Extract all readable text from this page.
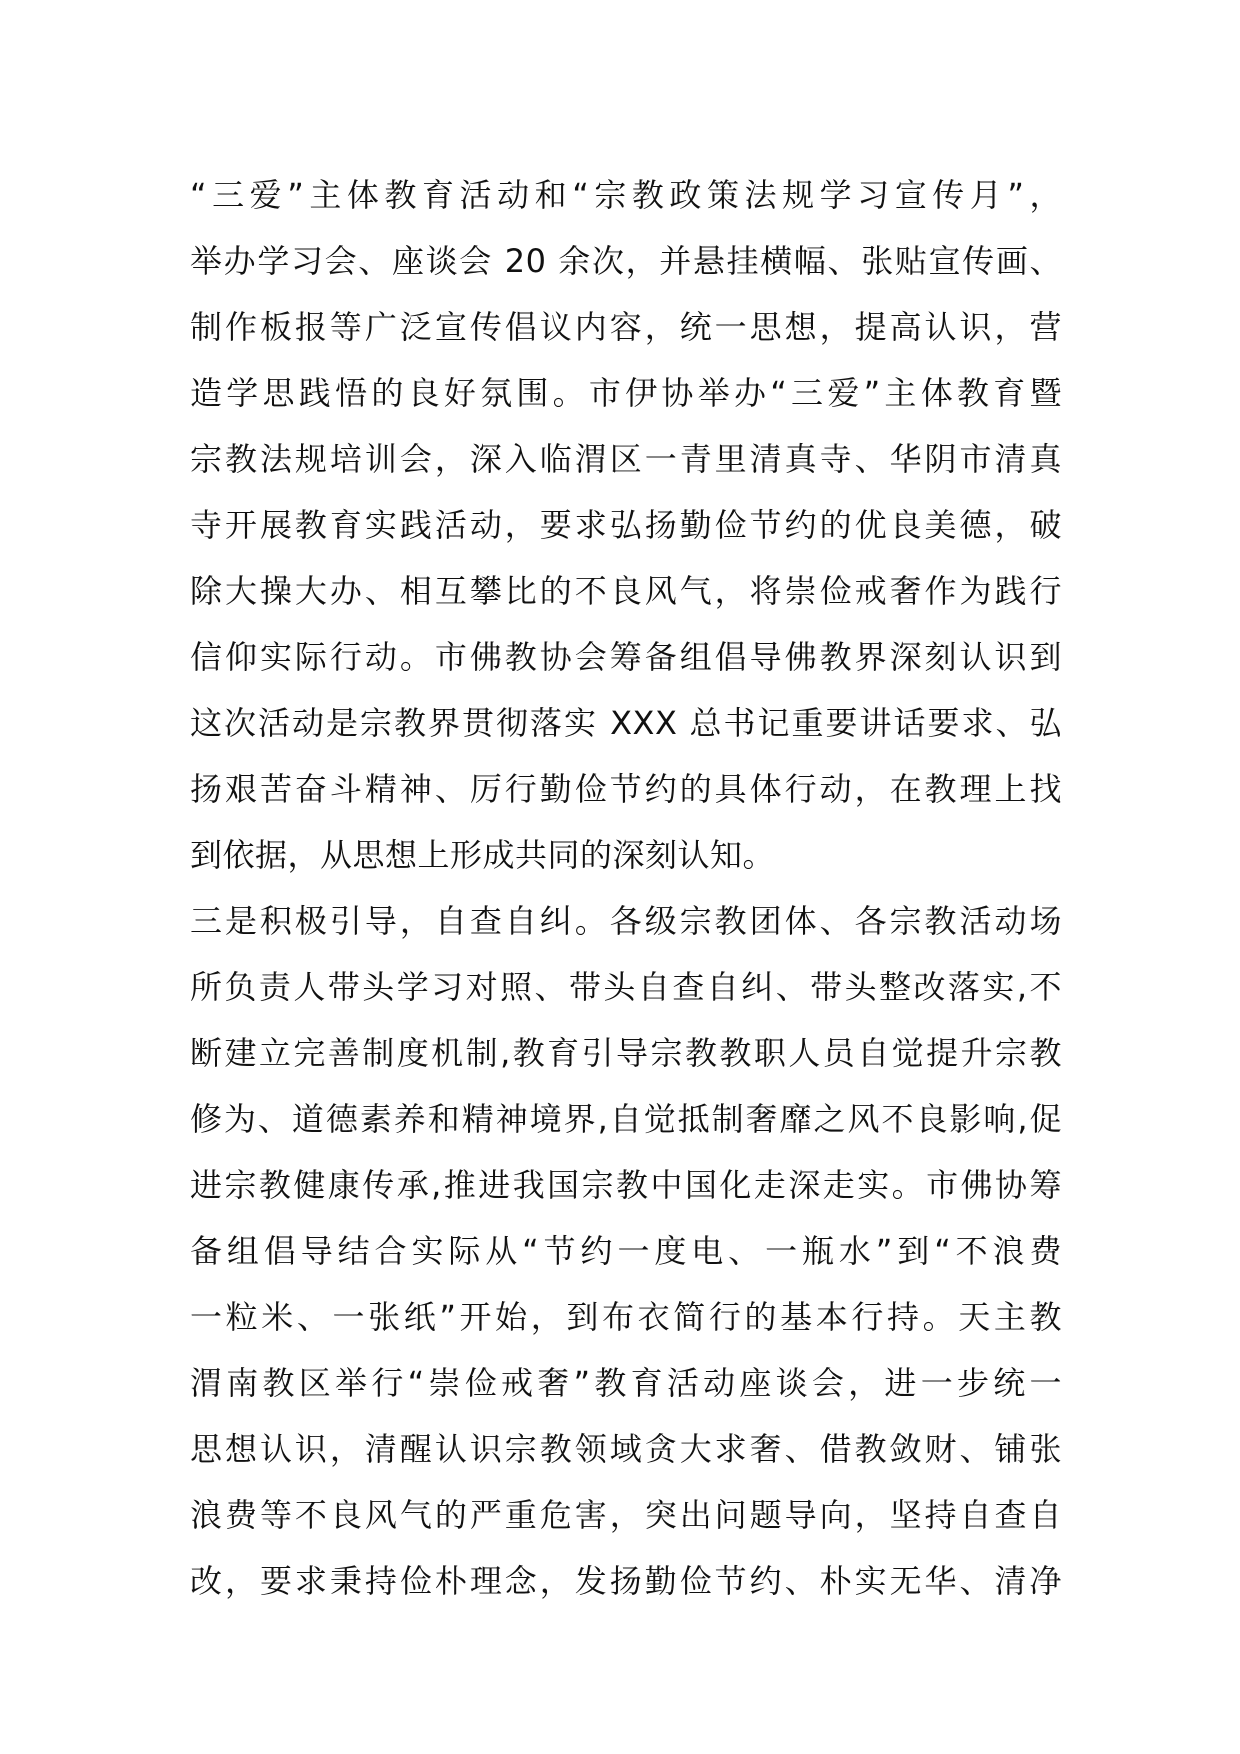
“三爱”主体教育活动和“宗教政策法规学习宣传月”，
举办学习会、座谈会 20 余次，并悬挂横幅、张贴宣传画、
制作板报等广泛宣传倡议内容，统一思想，提高认识，营
造学思践悟的良好氛围。市伊协举办“三爱”主体教育暨
宗教法规培训会，深入临渭区一青里清真寺、华阴市清真
寺开展教育实践活动，要求弘扬勤俭节约的优良美德，破
除大操大办、相互攀比的不良风气，将崇俭戒奢作为践行
信仰实际行动。市佛教协会筹备组倡导佛教界深刻认识到
这次活动是宗教界贯彻落实 XXX 总书记重要讲话要求、弘
扬艰苦奋斗精神、厉行勤俭节约的具体行动，在教理上找
到依据，从思想上形成共同的深刻认知。
三是积极引导，自查自纠。各级宗教团体、各宗教活动场
所负责人带头学习对照、带头自查自纠、带头整改落实,不
断建立完善制度机制,教育引导宗教教职人员自觉提升宗教
修为、道德素养和精神境界,自觉抵制奢靡之风不良影响,促
进宗教健康传承,推进我国宗教中国化走深走实。市佛协筹
备组倡导结合实际从“节约一度电、一瓶水”到“不浪费
一粒米、一张纸”开始，到布衣简行的基本行持。天主教
渭南教区举行“崇俭戒奢”教育活动座谈会，进一步统一
思想认识，清醒认识宗教领域贪大求奢、借教敛财、铺张
浪费等不良风气的严重危害，突出问题导向，坚持自查自
改，要求秉持俭朴理念，发扬勤俭节约、朴实无华、清净
